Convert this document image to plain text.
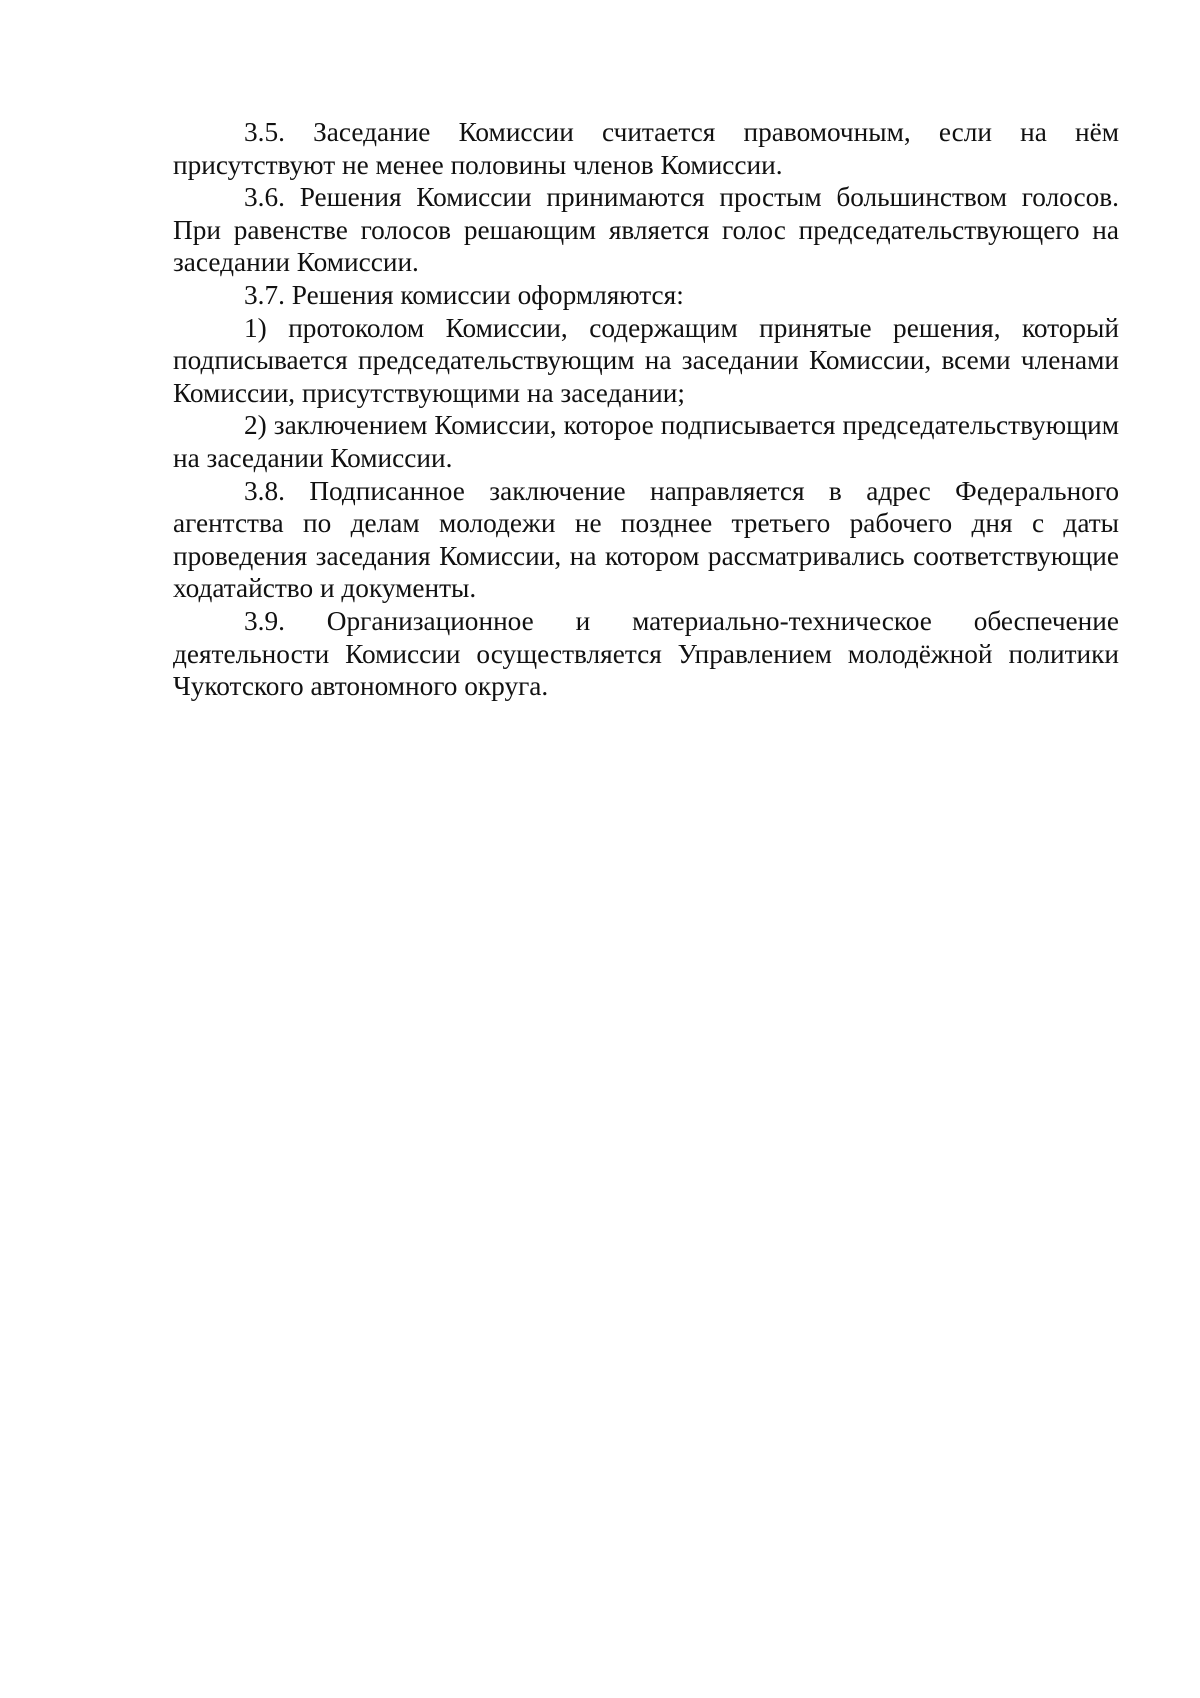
3.5. Заседание Комиссии считается правомочным, если на нём присутствуют не менее половины членов Комиссии.

3.6. Решения Комиссии принимаются простым большинством голосов. При равенстве голосов решающим является голос председательствующего на заседании Комиссии.

3.7. Решения комиссии оформляются:

1) протоколом Комиссии, содержащим принятые решения, который подписывается председательствующим на заседании Комиссии, всеми членами Комиссии, присутствующими на заседании;

2) заключением Комиссии, которое подписывается председательствующим на заседании Комиссии.

3.8. Подписанное заключение направляется в адрес Федерального агентства по делам молодежи не позднее третьего рабочего дня с даты проведения заседания Комиссии, на котором рассматривались соответствующие ходатайство и документы.

3.9. Организационное и материально-техническое обеспечение деятельности Комиссии осуществляется Управлением молодёжной политики Чукотского автономного округа.
